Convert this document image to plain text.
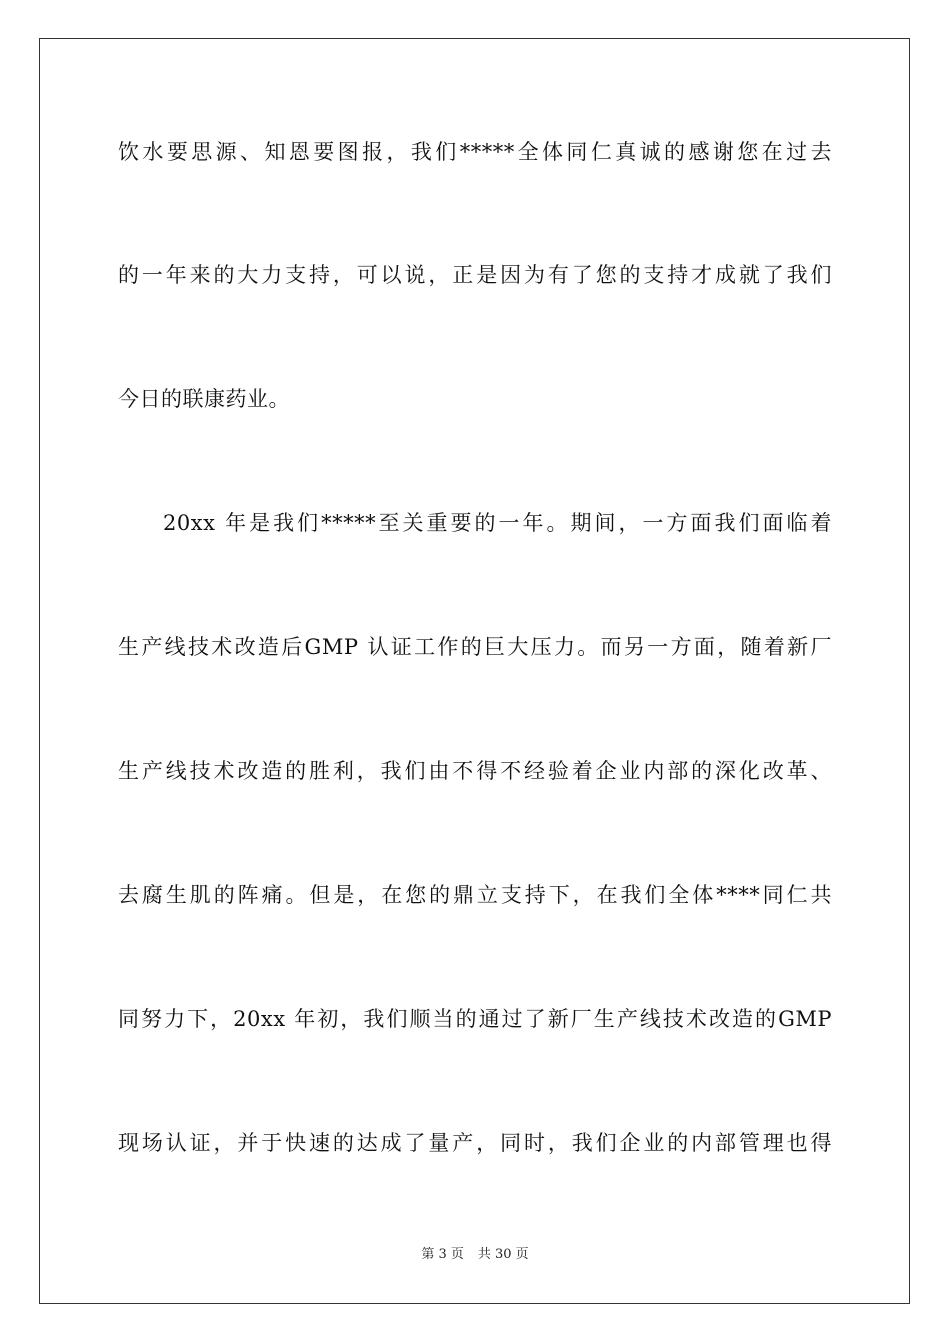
饮水要思源、知恩要图报，我们*****全体同仁真诚的感谢您在过去
的一年来的大力支持，可以说，正是因为有了您的支持才成就了我们
今日的联康药业。
20xx 年是我们*****至关重要的一年。期间，一方面我们面临着
生产线技术改造后GMP 认证工作的巨大压力。而另一方面，随着新厂
生产线技术改造的胜利，我们由不得不经验着企业内部的深化改革、
去腐生肌的阵痛。但是，在您的鼎立支持下，在我们全体****同仁共
同努力下，20xx 年初，我们顺当的通过了新厂生产线技术改造的GMP
现场认证，并于快速的达成了量产，同时，我们企业的内部管理也得
第 3 页 共 30 页
